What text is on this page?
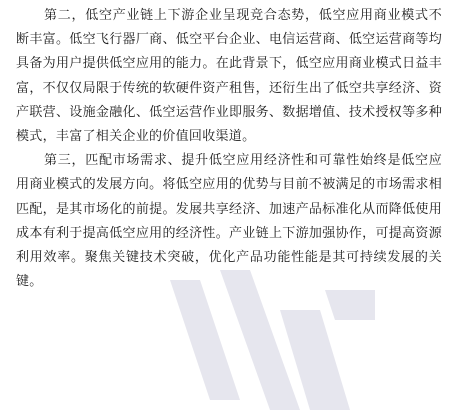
第二，低空产业链上下游企业呈现竞合态势，低空应用商业模式不断丰富。低空飞行器厂商、低空平台企业、电信运营商、低空运营商等均具备为用户提供低空应用的能力。在此背景下，低空应用商业模式日益丰富，不仅仅局限于传统的软硬件资产租售，还衍生出了低空共享经济、资产联营、设施金融化、低空运营作业即服务、数据增值、技术授权等多种模式，丰富了相关企业的价值回收渠道。

第三，匹配市场需求、提升低空应用经济性和可靠性始终是低空应用商业模式的发展方向。将低空应用的优势与目前不被满足的市场需求相匹配，是其市场化的前提。发展共享经济、加速产品标准化从而降低使用成本有利于提高低空应用的经济性。产业链上下游加强协作，可提高资源利用效率。聚焦关键技术突破，优化产品功能性能是其可持续发展的关键。
